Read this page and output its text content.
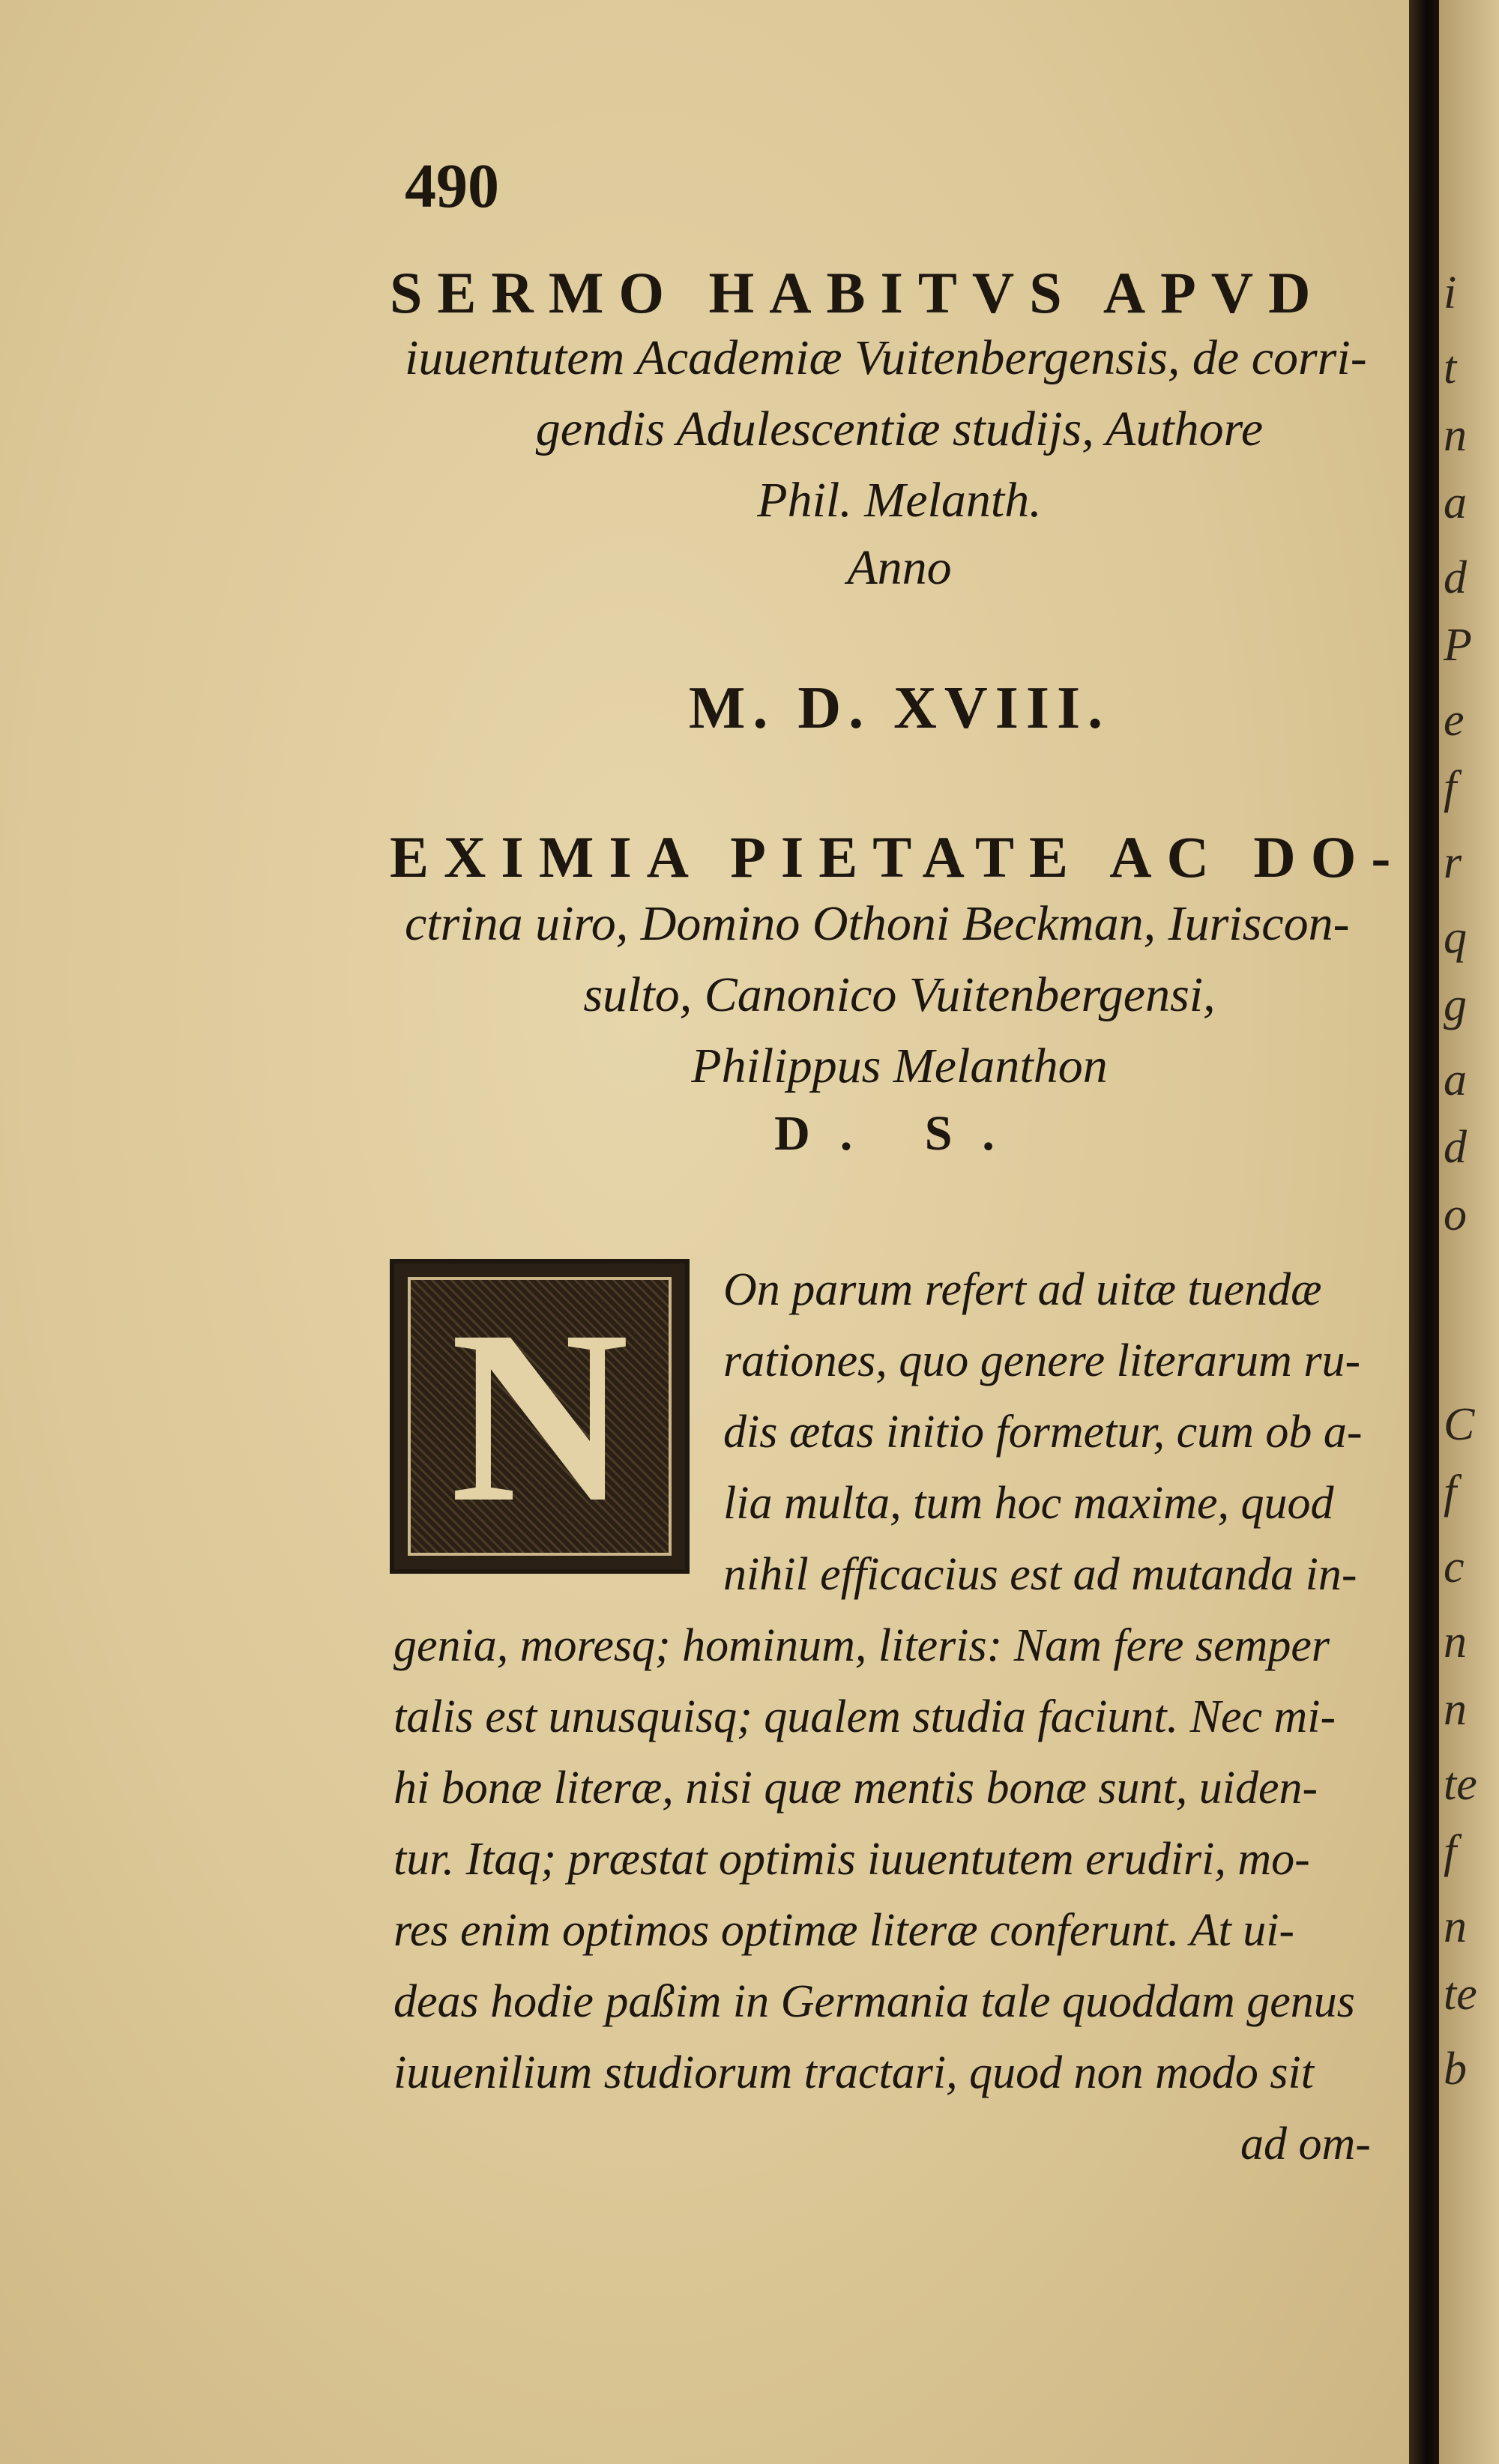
490
SERMO HABITVS APVD
iuuentutem Academiæ Vuitenbergensis, de corri-
gendis Adulescentiæ studijs, Authore
Phil. Melanth.
Anno
M. D. XVIII.
EXIMIA PIETATE AC DO-
ctrina uiro, Domino Othoni Beckman, Iuriscon-
sulto, Canonico Vuitenbergensi,
Philippus Melanthon
D. S.
N	On parum refert ad uitæ tuendæ
rationes, quo genere literarum ru-
dis ætas initio formetur, cum ob a-
lia multa, tum hoc maxime, quod
nihil efficacius est ad mutanda in-
genia, moresq; hominum, literis: Nam fere semper
talis est unusquisq; qualem studia faciunt. Nec mi-
hi bonæ literæ, nisi quæ mentis bonæ sunt, uiden-
tur. Itaq; præstat optimis iuuentutem erudiri, mo-
res enim optimos optimæ literæ conferunt. At ui-
deas hodie paßim in Germania tale quoddam genus
iuuenilium studiorum tractari, quod non modo sit
ad om-
i
t
n
a
d
P
e
f
r
q
g
a
d
o
C
f
c
n
n
te
f
n
te
b
